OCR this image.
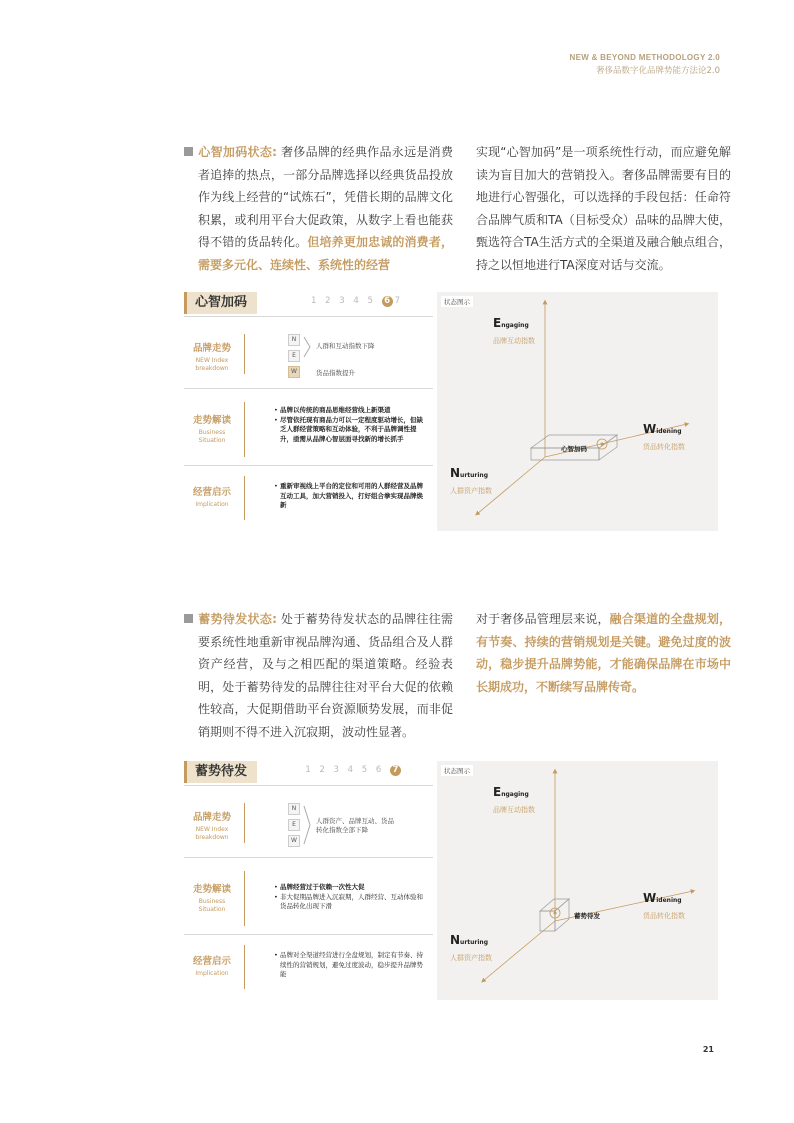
NEW & BEYOND METHODOLOGY 2.0
奢侈品数字化品牌势能方法论2.0
心智加码状态: 奢侈品牌的经典作品永远是消费者追捧的热点，一部分品牌选择以经典货品投放作为线上经营的“试炼石”，凭借长期的品牌文化积累，或利用平台大促政策，从数字上看也能获得不错的货品转化。但培养更加忠诚的消费者，需要多元化、连续性、系统性的经营
实现“心智加码”是一项系统性行动，而应避免解读为盲目加大的营销投入。奢侈品牌需要有目的地进行心智强化，可以选择的手段包括：任命符合品牌气质和TA（目标受众）品味的品牌大使，甄选符合TA生活方式的全渠道及融合触点组合，持之以恒地进行TA深度对话与交流。
心智加码	1 2 3 4 5 6 7
品牌走势
NEW Index
breakdown
N
E
W
人群和互动指数下降
货品指数提升
走势解读
Business
Situation
• 品牌以传统的商品思维经营线上新渠道
• 尽管依托现有商品力可以一定程度驱动增长，但缺乏人群经营策略和互动体验，不利于品牌调性提升，亟需从品牌心智层面寻找新的增长抓手
经营启示
Implication
• 重新审视线上平台的定位和可用的人群经营及品牌互动工具，加大营销投入，打好组合拳实现品牌焕新
状态图示
Engaging
品牌互动指数
Widening
货品转化指数
Nurturing
人群资产指数
心智加码
蓄势待发状态: 处于蓄势待发状态的品牌往往需要系统性地重新审视品牌沟通、货品组合及人群资产经营，及与之相匹配的渠道策略。经验表明，处于蓄势待发的品牌往往对平台大促的依赖性较高，大促期借助平台资源顺势发展，而非促销期则不得不进入沉寂期，波动性显著。
对于奢侈品管理层来说，融合渠道的全盘规划，有节奏、持续的营销规划是关键。避免过度的波动，稳步提升品牌势能，才能确保品牌在市场中长期成功，不断续写品牌传奇。
蓄势待发	1 2 3 4 5 6 7
品牌走势
NEW Index
breakdown
N
E
W
人群资产、品牌互动、货品转化指数全部下降
走势解读
Business
Situation
• 品牌经营过于依赖一次性大促
• 非大促期品牌进入沉寂期，人群经营、互动体验和货品转化出现下滑
经营启示
Implication
• 品牌对全渠道经营进行全盘规划，制定有节奏、持续性的营销规划，避免过度波动，稳步提升品牌势能
状态图示
Engaging
品牌互动指数
Widening
货品转化指数
Nurturing
人群资产指数
蓄势待发
21
